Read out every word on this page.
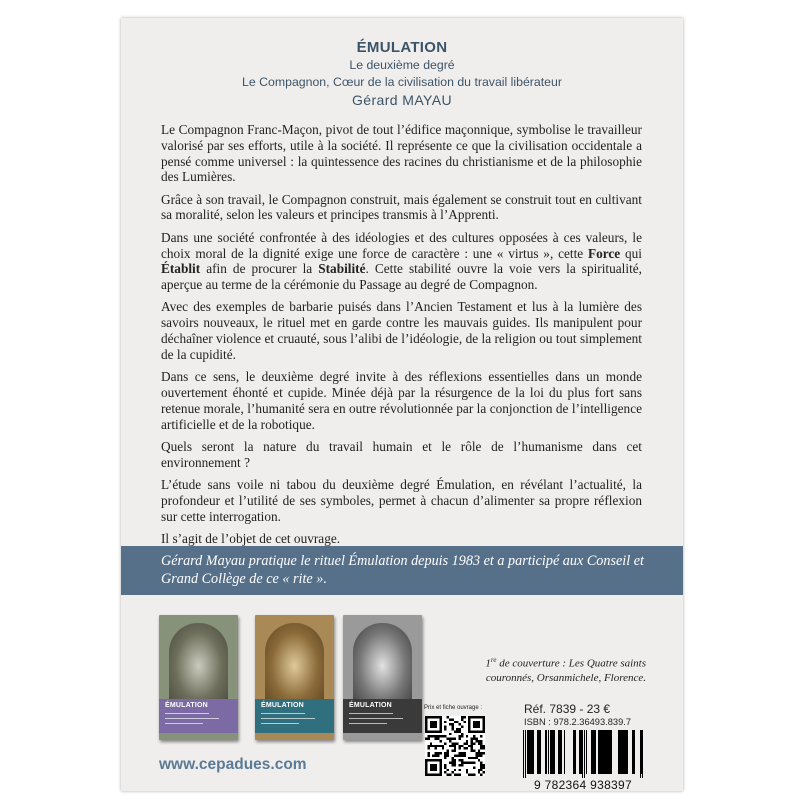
ÉMULATION
Le deuxième degré
Le Compagnon, Cœur de la civilisation du travail libérateur
Gérard MAYAU

Le Compagnon Franc-Maçon, pivot de tout l’édifice maçonnique, symbolise le travailleur valorisé par ses efforts, utile à la société. Il représente ce que la civilisation occidentale a pensé comme universel : la quintessence des racines du christianisme et de la philosophie des Lumières.

Grâce à son travail, le Compagnon construit, mais également se construit tout en cultivant sa moralité, selon les valeurs et principes transmis à l’Apprenti.

Dans une société confrontée à des idéologies et des cultures opposées à ces valeurs, le choix moral de la dignité exige une force de caractère : une « virtus », cette Force qui Établit afin de procurer la Stabilité. Cette stabilité ouvre la voie vers la spiritualité, aperçue au terme de la cérémonie du Passage au degré de Compagnon.

Avec des exemples de barbarie puisés dans l’Ancien Testament et lus à la lumière des savoirs nouveaux, le rituel met en garde contre les mauvais guides. Ils manipulent pour déchaîner violence et cruauté, sous l’alibi de l’idéologie, de la religion ou tout simplement de la cupidité.

Dans ce sens, le deuxième degré invite à des réflexions essentielles dans un monde ouvertement éhonté et cupide. Minée déjà par la résurgence de la loi du plus fort sans retenue morale, l’humanité sera en outre révolutionnée par la conjonction de l’intelligence artificielle et de la robotique.

Quels seront la nature du travail humain et le rôle de l’humanisme dans cet environnement ?

L’étude sans voile ni tabou du deuxième degré Émulation, en révélant l’actualité, la profondeur et l’utilité de ses symboles, permet à chacun d’alimenter sa propre réflexion sur cette interrogation.

Il s’agit de l’objet de cet ouvrage.

Gérard Mayau pratique le rituel Émulation depuis 1983 et a participé aux Conseil et Grand Collège de ce « rite ».
ÉMULATION	ÉMULATION	ÉMULATION
1re de couverture : Les Quatre saints
couronnés, Orsanmichele, Florence.
Prix et fiche ouvrage :	Réf. 7839 - 23 €
ISBN : 978.2.36493.839.7
9 782364 938397
www.cepadues.com
